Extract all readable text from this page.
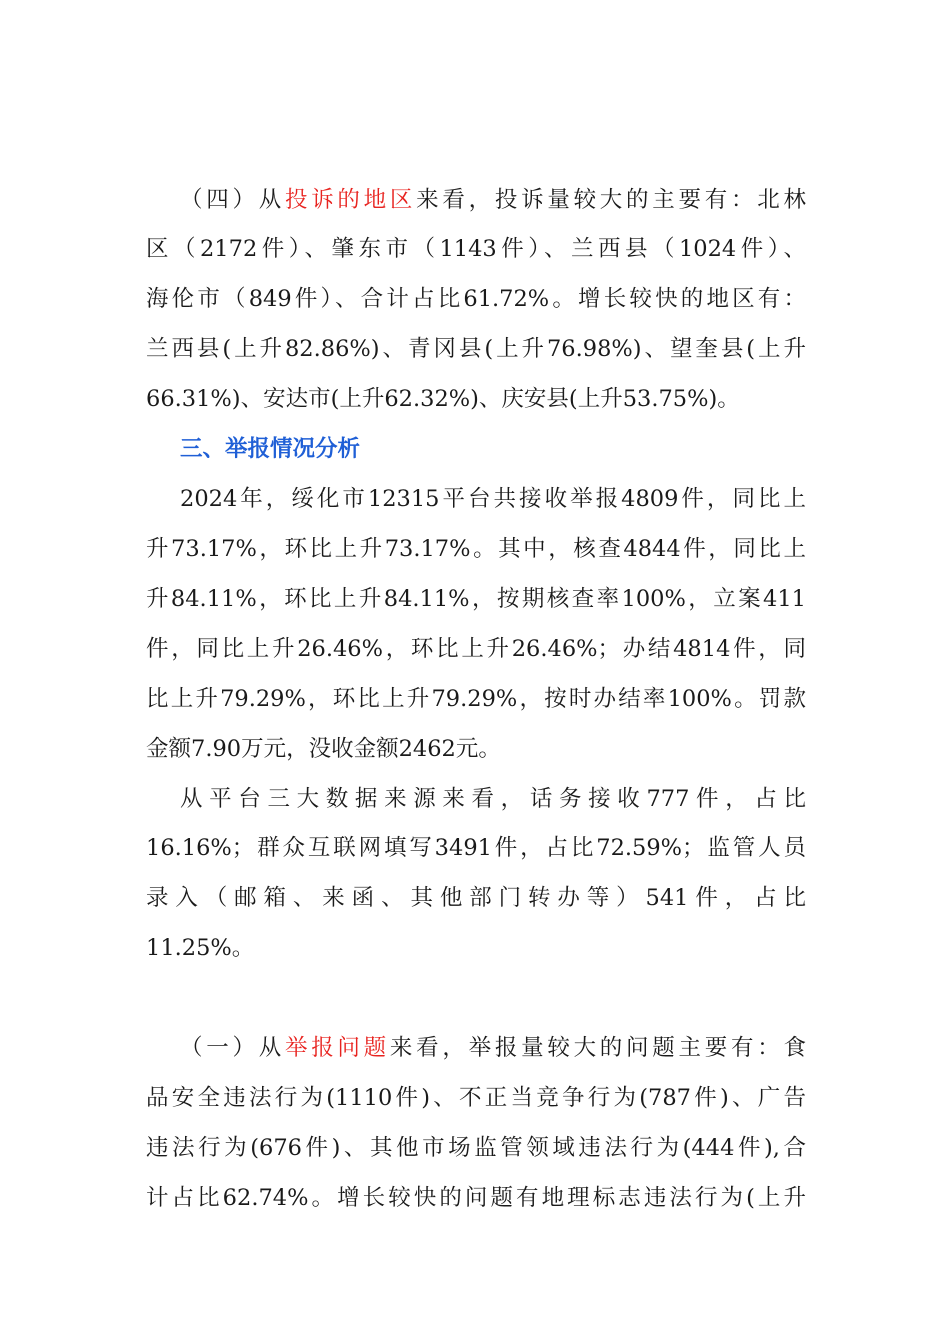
（四）从投诉的地区来看，投诉量较大的主要有：北林
区（2172件）、肇东市（1143件）、兰西县（1024件）、
海伦市（849件）、合计占比61.72%。增长较快的地区有：
兰西县(上升82.86%)、青冈县(上升76.98%)、望奎县(上升
66.31%)、安达市(上升62.32%)、庆安县(上升53.75%)。
三、举报情况分析
2024年，绥化市12315平台共接收举报4809件，同比上
升73.17%，环比上升73.17%。其中，核查4844件，同比上
升84.11%，环比上升84.11%，按期核查率100%，立案411
件，同比上升26.46%，环比上升26.46%；办结4814件，同
比上升79.29%，环比上升79.29%，按时办结率100%。罚款
金额7.90万元，没收金额2462元。
从平台三大数据来源来看，话务接收777件，占比
16.16%；群众互联网填写3491件，占比72.59%；监管人员
录入（邮箱、来函、其他部门转办等）541件，占比
11.25%。
（一）从举报问题来看，举报量较大的问题主要有：食
品安全违法行为(1110件)、不正当竞争行为(787件)、广告
违法行为(676件)、其他市场监管领域违法行为(444件),合
计占比62.74%。增长较快的问题有地理标志违法行为(上升
